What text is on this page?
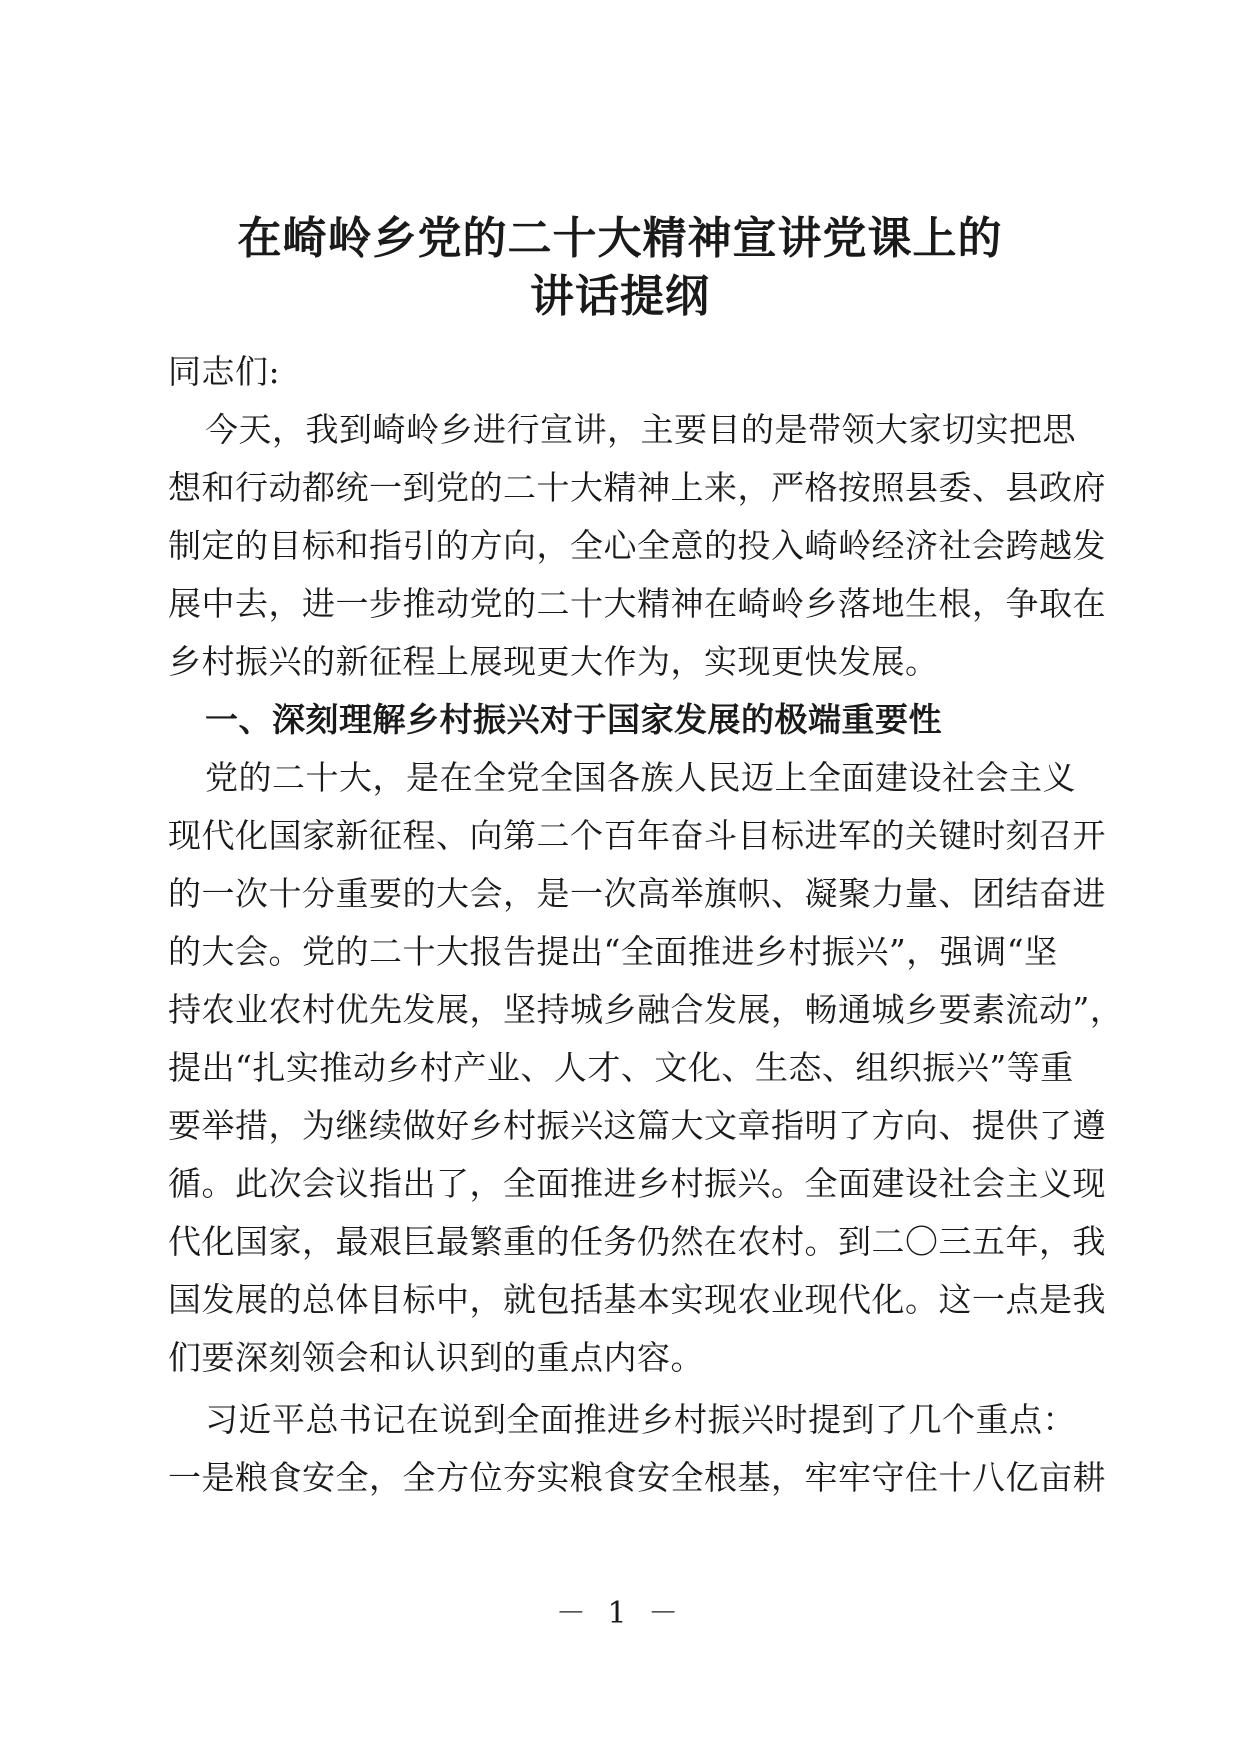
在崎岭乡党的二十大精神宣讲党课上的
讲话提纲
同志们:
今天，我到崎岭乡进行宣讲，主要目的是带领大家切实把思
想和行动都统一到党的二十大精神上来，严格按照县委、县政府
制定的目标和指引的方向，全心全意的投入崎岭经济社会跨越发
展中去，进一步推动党的二十大精神在崎岭乡落地生根，争取在
乡村振兴的新征程上展现更大作为，实现更快发展。
一、深刻理解乡村振兴对于国家发展的极端重要性
党的二十大，是在全党全国各族人民迈上全面建设社会主义
现代化国家新征程、向第二个百年奋斗目标进军的关键时刻召开
的一次十分重要的大会，是一次高举旗帜、凝聚力量、团结奋进
的大会。党的二十大报告提出“全面推进乡村振兴”，强调“坚
持农业农村优先发展，坚持城乡融合发展，畅通城乡要素流动”，
提出“扎实推动乡村产业、人才、文化、生态、组织振兴”等重
要举措，为继续做好乡村振兴这篇大文章指明了方向、提供了遵
循。此次会议指出了，全面推进乡村振兴。全面建设社会主义现
代化国家，最艰巨最繁重的任务仍然在农村。到二〇三五年，我
国发展的总体目标中，就包括基本实现农业现代化。这一点是我
们要深刻领会和认识到的重点内容。
习近平总书记在说到全面推进乡村振兴时提到了几个重点：
一是粮食安全，全方位夯实粮食安全根基，牢牢守住十八亿亩耕
－ 1 －
